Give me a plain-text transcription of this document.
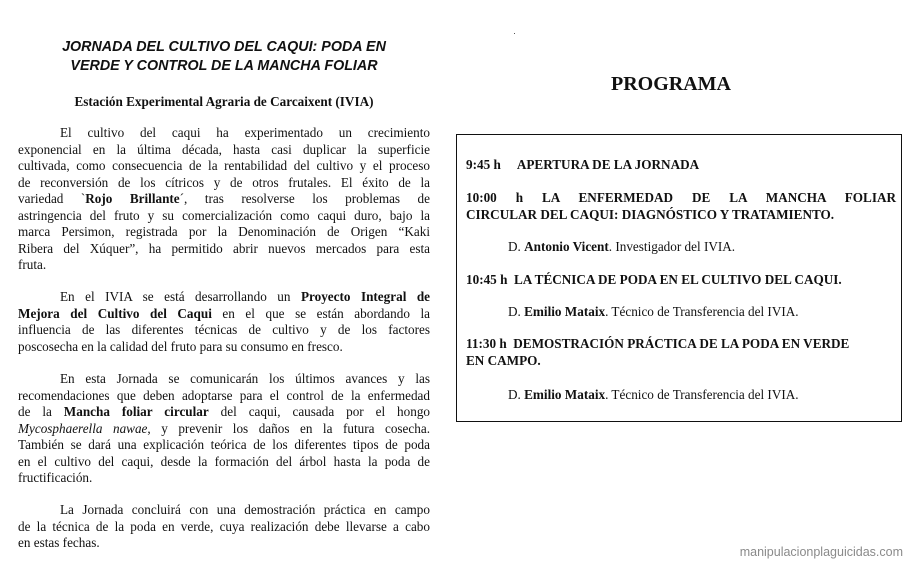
JORNADA DEL CULTIVO DEL CAQUI: PODA EN
VERDE Y CONTROL DE LA MANCHA FOLIAR
Estación Experimental Agraria de Carcaixent (IVIA)
El cultivo del caqui ha experimentado un crecimiento
exponencial en la última década, hasta casi duplicar la superficie
cultivada, como consecuencia de la rentabilidad del cultivo y el proceso
de reconversión de los cítricos y de otros frutales. El éxito de la
variedad `Rojo Brillante´, tras resolverse los problemas de
astringencia del fruto y su comercialización como caqui duro, bajo la
marca Persimon, registrada por la Denominación de Origen “Kaki
Ribera del Xúquer”, ha permitido abrir nuevos mercados para esta
fruta.
En el IVIA se está desarrollando un Proyecto Integral de
Mejora del Cultivo del Caqui en el que se están abordando la
influencia de las diferentes técnicas de cultivo y de los factores
poscosecha en la calidad del fruto para su consumo en fresco.
En esta Jornada se comunicarán los últimos avances y las
recomendaciones que deben adoptarse para el control de la enfermedad
de la Mancha foliar circular del caqui, causada por el hongo
Mycosphaerella nawae, y prevenir los daños en la futura cosecha.
También se dará una explicación teórica de los diferentes tipos de poda
en el cultivo del caqui, desde la formación del árbol hasta la poda de
fructificación.
La Jornada concluirá con una demostración práctica en campo
de la técnica de la poda en verde, cuya realización debe llevarse a cabo
en estas fechas.
PROGRAMA
9:45 h APERTURA DE LA JORNADA
10:00 h LA ENFERMEDAD DE LA MANCHA FOLIAR
CIRCULAR DEL CAQUI: DIAGNÓSTICO Y TRATAMIENTO.
D. Antonio Vicent. Investigador del IVIA.
10:45 h LA TÉCNICA DE PODA EN EL CULTIVO DEL CAQUI.
D. Emilio Mataix. Técnico de Transferencia del IVIA.
11:30 h DEMOSTRACIÓN PRÁCTICA DE LA PODA EN VERDE
EN CAMPO.
D. Emilio Mataix. Técnico de Transferencia del IVIA.
manipulacionplaguicidas.com
